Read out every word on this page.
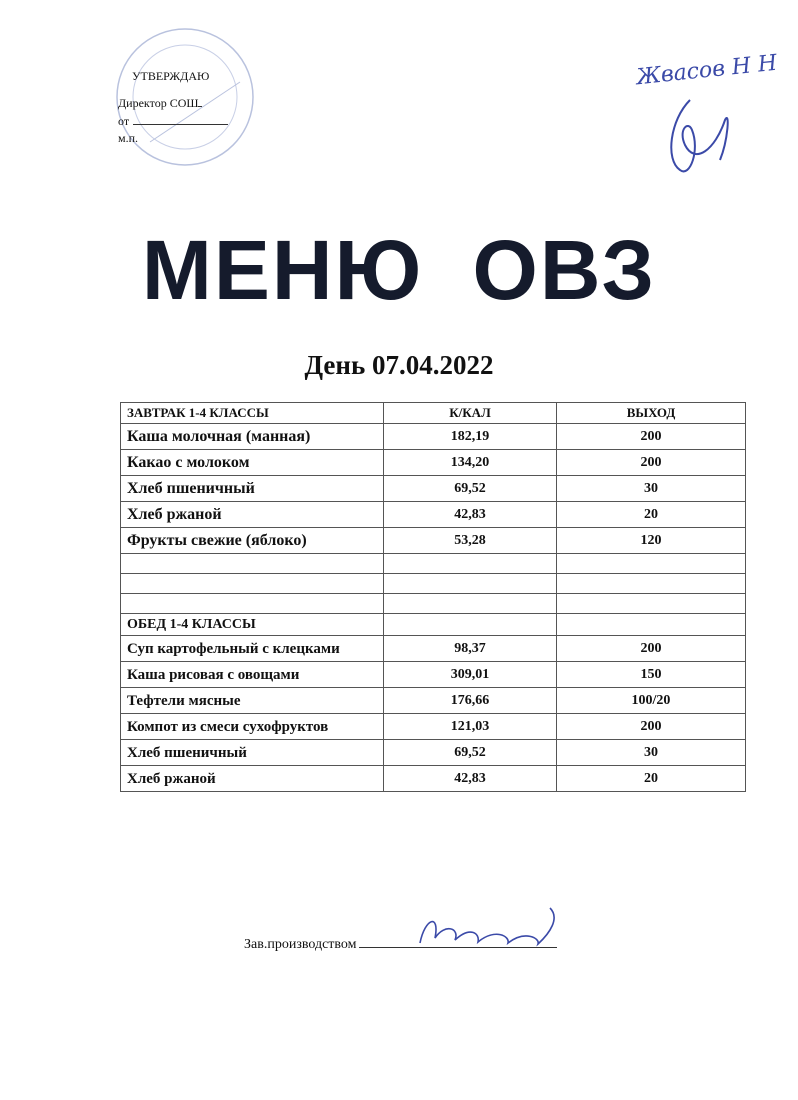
УТВЕРЖДАЮ
Директор СОШ
от
м.п.
Жвасов Н Н
МЕНЮ ОВЗ
День 07.04.2022
ЗАВТРАК 1-4 КЛАССЫ	К/КАЛ	ВЫХОД
Каша молочная (манная)	182,19	200
Какао с молоком	134,20	200
Хлеб пшеничный	69,52	30
Хлеб ржаной	42,83	20
Фрукты свежие (яблоко)	53,28	120

ОБЕД 1-4 КЛАССЫ		
Суп картофельный с клецками	98,37	200
Каша рисовая с овощами	309,01	150
Тефтели мясные	176,66	100/20
Компот из смеси сухофруктов	121,03	200
Хлеб пшеничный	69,52	30
Хлеб ржаной	42,83	20
Зав.производством
